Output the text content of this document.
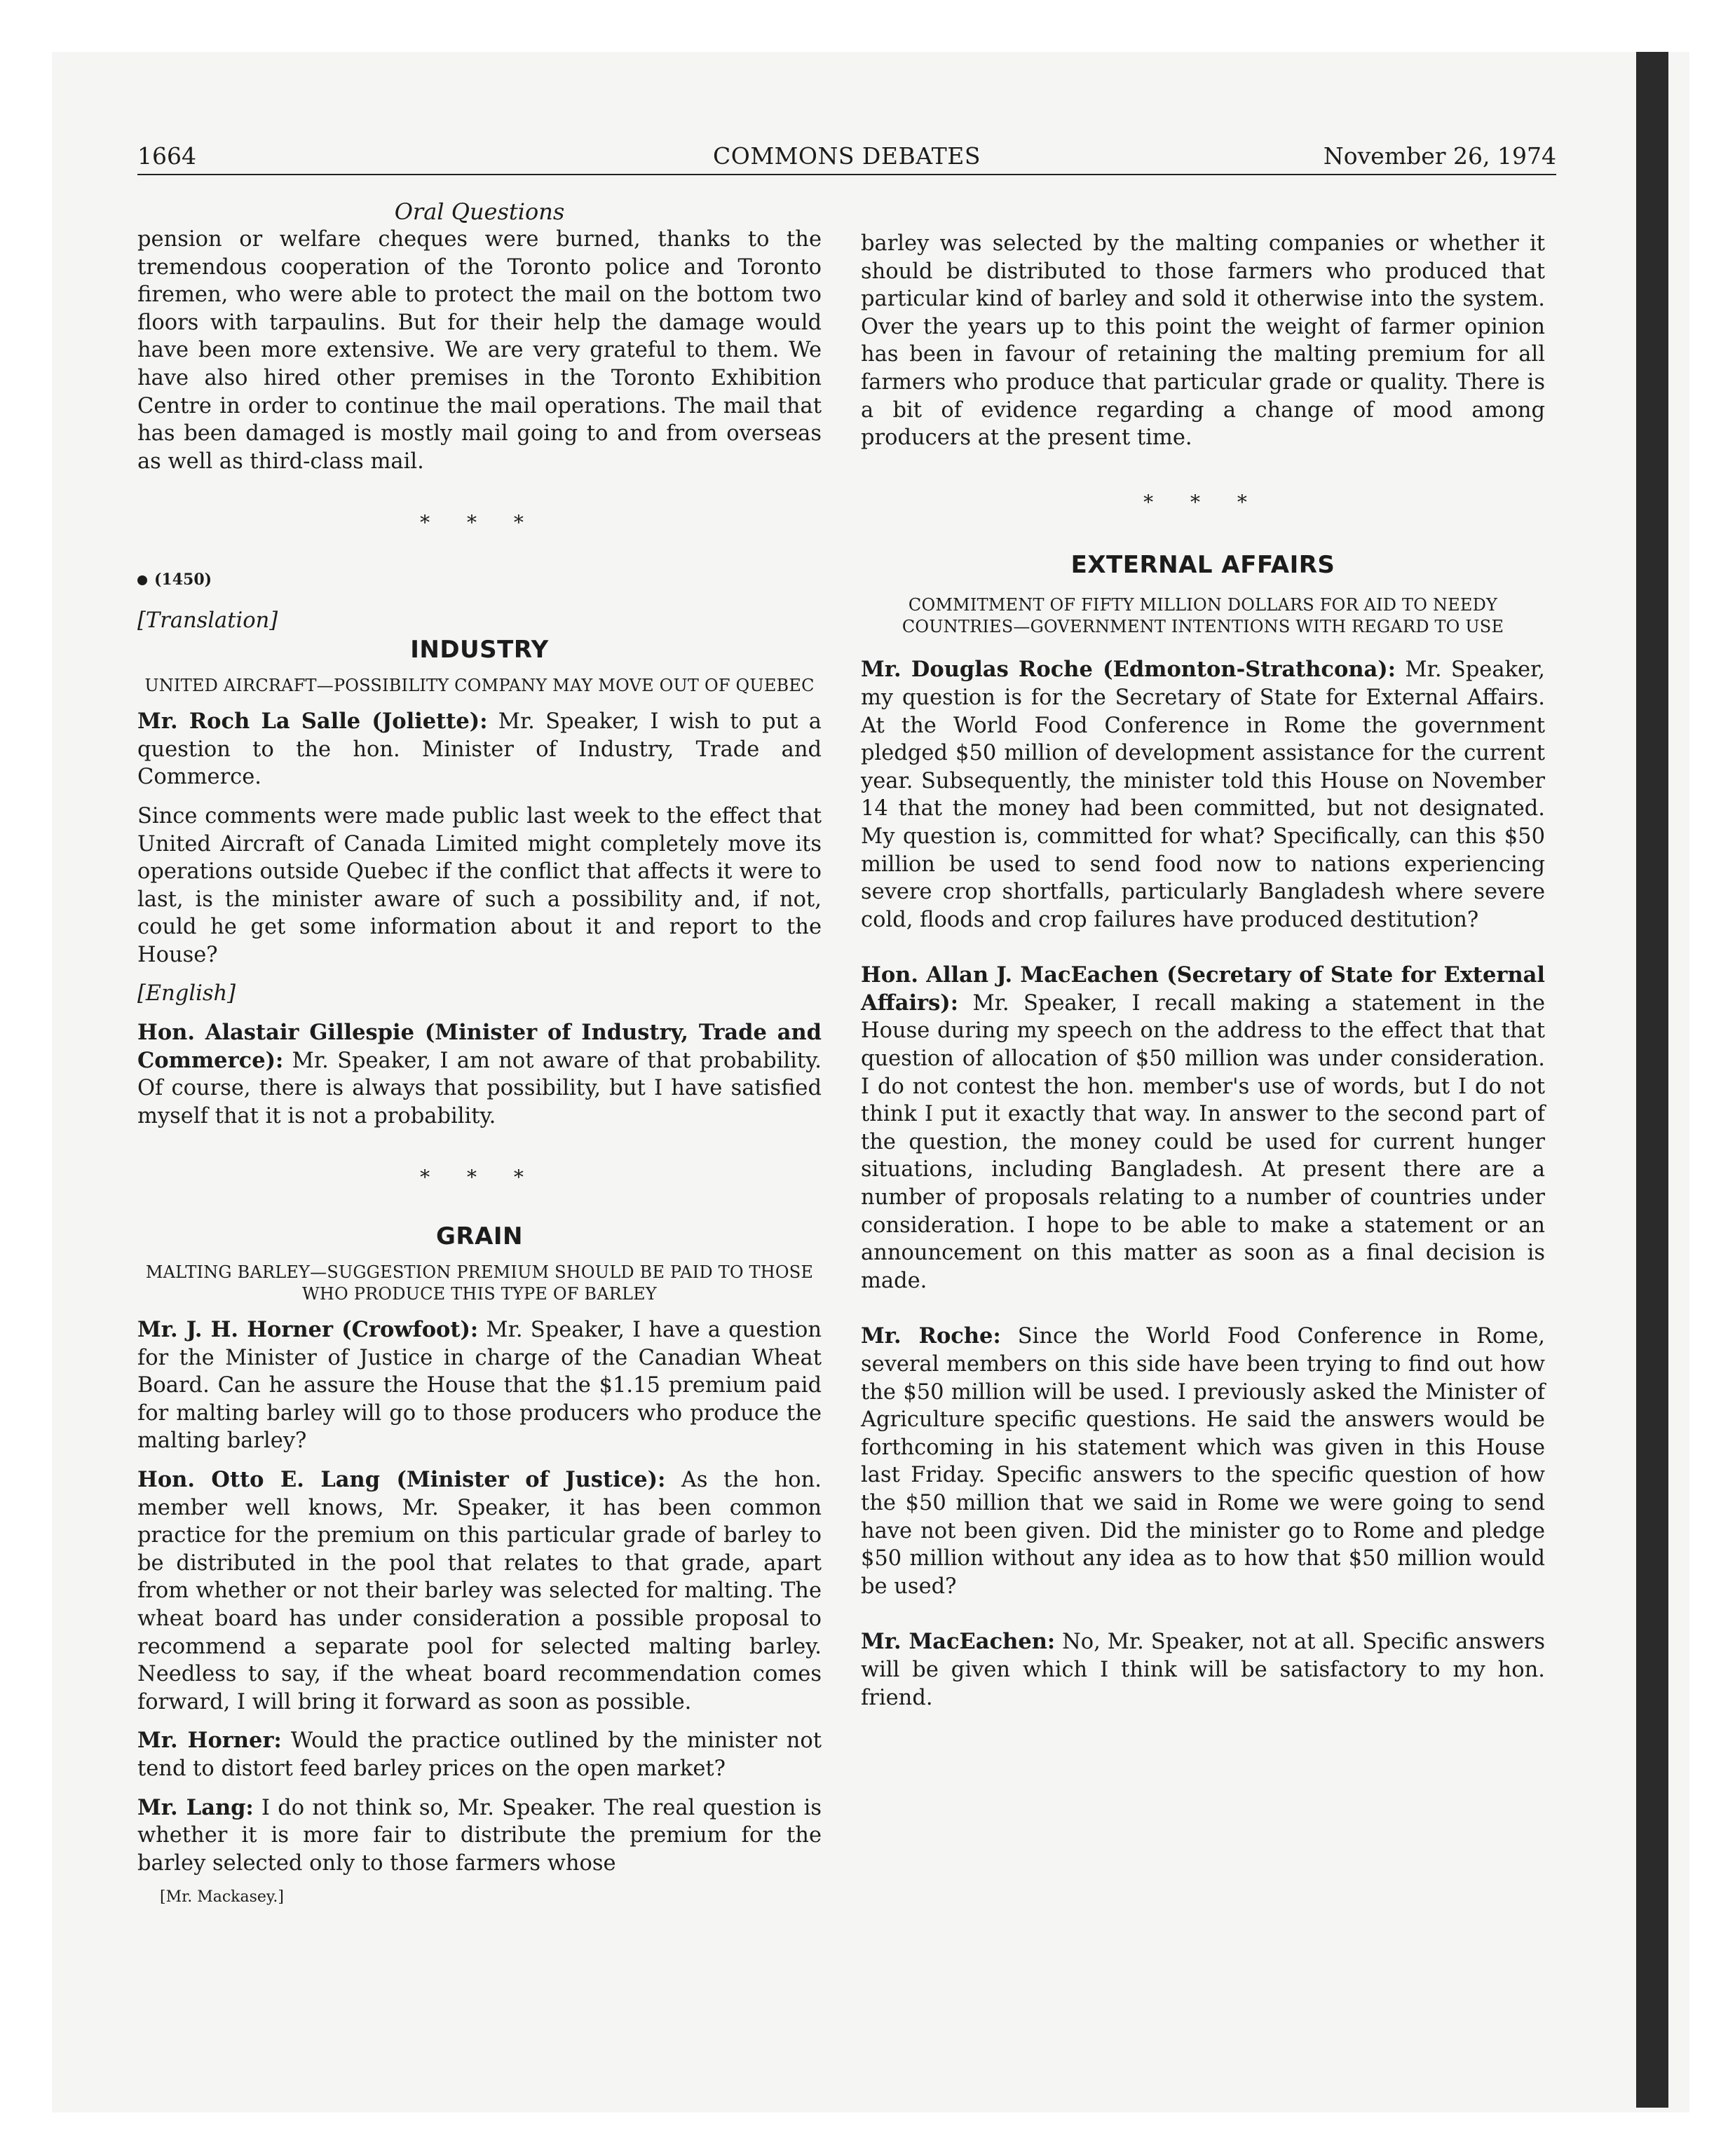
1664	COMMONS DEBATES	November 26, 1974

Oral Questions

pension or welfare cheques were burned, thanks to the tremendous cooperation of the Toronto police and Toronto firemen, who were able to protect the mail on the bottom two floors with tarpaulins. But for their help the damage would have been more extensive. We are very grateful to them. We have also hired other premises in the Toronto Exhibition Centre in order to continue the mail operations. The mail that has been damaged is mostly mail going to and from overseas as well as third-class mail.

* * *
(1450)

[Translation]

INDUSTRY
UNITED AIRCRAFT—POSSIBILITY COMPANY MAY MOVE OUT OF QUEBEC

Mr. Roch La Salle (Joliette): Mr. Speaker, I wish to put a question to the hon. Minister of Industry, Trade and Commerce.

Since comments were made public last week to the effect that United Aircraft of Canada Limited might completely move its operations outside Quebec if the conflict that affects it were to last, is the minister aware of such a possibility and, if not, could he get some information about it and report to the House?

[English]

Hon. Alastair Gillespie (Minister of Industry, Trade and Commerce): Mr. Speaker, I am not aware of that probability. Of course, there is always that possibility, but I have satisfied myself that it is not a probability.

* * *
GRAIN
MALTING BARLEY—SUGGESTION PREMIUM SHOULD BE PAID TO THOSE WHO PRODUCE THIS TYPE OF BARLEY

Mr. J. H. Horner (Crowfoot): Mr. Speaker, I have a question for the Minister of Justice in charge of the Canadian Wheat Board. Can he assure the House that the $1.15 premium paid for malting barley will go to those producers who produce the malting barley?

Hon. Otto E. Lang (Minister of Justice): As the hon. member well knows, Mr. Speaker, it has been common practice for the premium on this particular grade of barley to be distributed in the pool that relates to that grade, apart from whether or not their barley was selected for malting. The wheat board has under consideration a possible proposal to recommend a separate pool for selected malting barley. Needless to say, if the wheat board recommendation comes forward, I will bring it forward as soon as possible.

Mr. Horner: Would the practice outlined by the minister not tend to distort feed barley prices on the open market?

Mr. Lang: I do not think so, Mr. Speaker. The real question is whether it is more fair to distribute the premium for the barley selected only to those farmers whose

[Mr. Mackasey.]

barley was selected by the malting companies or whether it should be distributed to those farmers who produced that particular kind of barley and sold it otherwise into the system. Over the years up to this point the weight of farmer opinion has been in favour of retaining the malting premium for all farmers who produce that particular grade or quality. There is a bit of evidence regarding a change of mood among producers at the present time.

* * *
EXTERNAL AFFAIRS
COMMITMENT OF FIFTY MILLION DOLLARS FOR AID TO NEEDY COUNTRIES—GOVERNMENT INTENTIONS WITH REGARD TO USE

Mr. Douglas Roche (Edmonton-Strathcona): Mr. Speaker, my question is for the Secretary of State for External Affairs. At the World Food Conference in Rome the government pledged $50 million of development assistance for the current year. Subsequently, the minister told this House on November 14 that the money had been committed, but not designated. My question is, committed for what? Specifically, can this $50 million be used to send food now to nations experiencing severe crop shortfalls, particularly Bangladesh where severe cold, floods and crop failures have produced destitution?

Hon. Allan J. MacEachen (Secretary of State for External Affairs): Mr. Speaker, I recall making a statement in the House during my speech on the address to the effect that that question of allocation of $50 million was under consideration. I do not contest the hon. member's use of words, but I do not think I put it exactly that way. In answer to the second part of the question, the money could be used for current hunger situations, including Bangladesh. At present there are a number of proposals relating to a number of countries under consideration. I hope to be able to make a statement or an announcement on this matter as soon as a final decision is made.

Mr. Roche: Since the World Food Conference in Rome, several members on this side have been trying to find out how the $50 million will be used. I previously asked the Minister of Agriculture specific questions. He said the answers would be forthcoming in his statement which was given in this House last Friday. Specific answers to the specific question of how the $50 million that we said in Rome we were going to send have not been given. Did the minister go to Rome and pledge $50 million without any idea as to how that $50 million would be used?

Mr. MacEachen: No, Mr. Speaker, not at all. Specific answers will be given which I think will be satisfactory to my hon. friend.
